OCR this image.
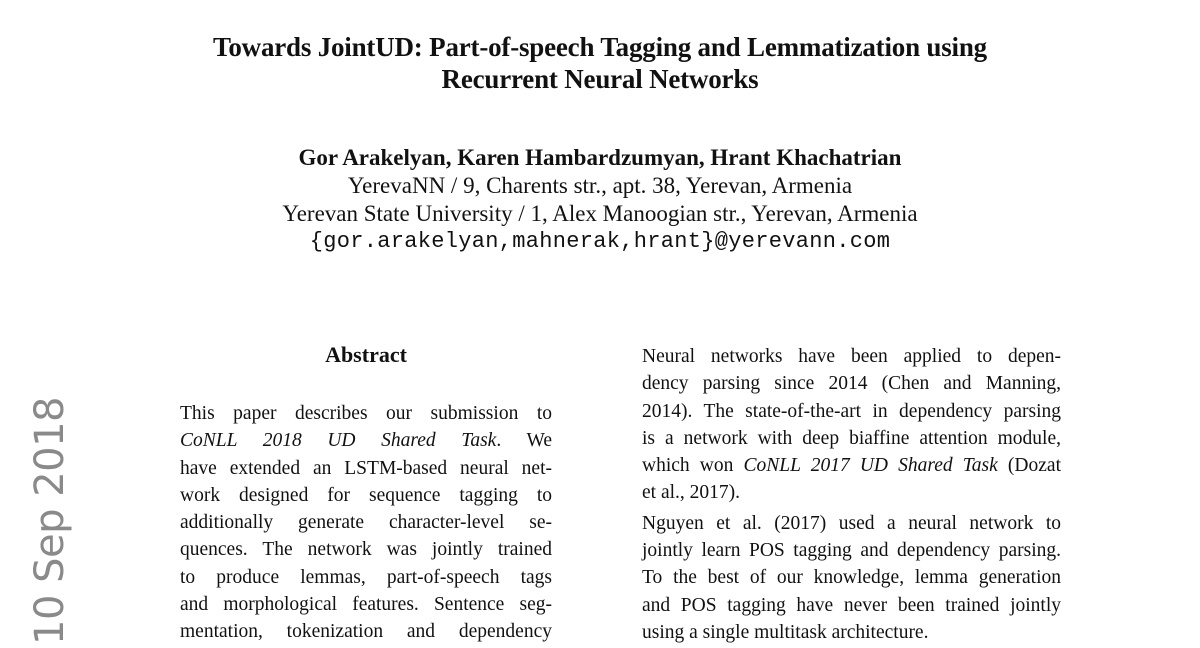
10 Sep 2018
Towards JointUD: Part-of-speech Tagging and Lemmatization using
Recurrent Neural Networks
Gor Arakelyan, Karen Hambardzumyan, Hrant Khachatrian
YerevaNN / 9, Charents str., apt. 38, Yerevan, Armenia
Yerevan State University / 1, Alex Manoogian str., Yerevan, Armenia
{gor.arakelyan,mahnerak,hrant}@yerevann.com
Abstract

This paper describes our submission to
CoNLL 2018 UD Shared Task. We
have extended an LSTM-based neural net-
work designed for sequence tagging to
additionally generate character-level se-
quences. The network was jointly trained
to produce lemmas, part-of-speech tags
and morphological features. Sentence seg-
mentation, tokenization and dependency

Neural networks have been applied to depen-
dency parsing since 2014 (Chen and Manning,
2014). The state-of-the-art in dependency parsing
is a network with deep biaffine attention module,
which won CoNLL 2017 UD Shared Task (Dozat
et al., 2017).

Nguyen et al. (2017) used a neural network to
jointly learn POS tagging and dependency parsing.
To the best of our knowledge, lemma generation
and POS tagging have never been trained jointly
using a single multitask architecture.
